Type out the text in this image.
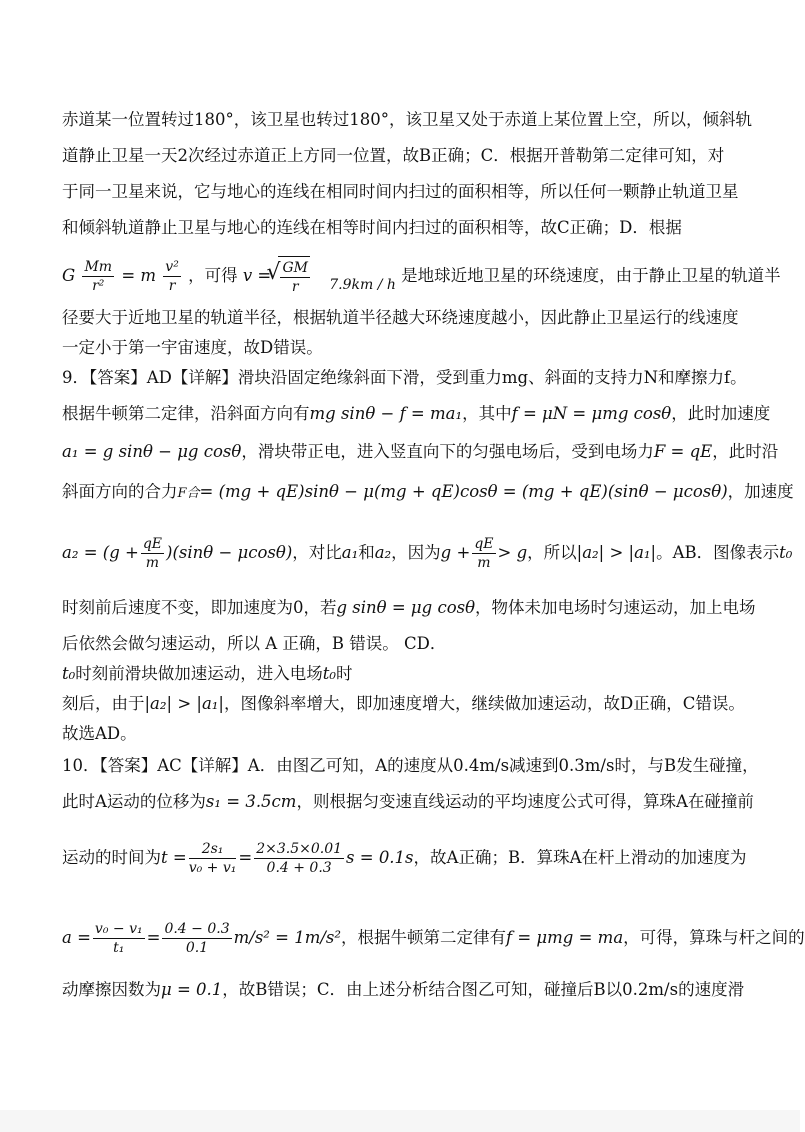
赤道某一位置转过180°，该卫星也转过180°，该卫星又处于赤道上某位置上空，所以，倾斜轨
道静止卫星一天2次经过赤道正上方同一位置，故B正确；C．根据开普勒第二定律可知，对
于同一卫星来说，它与地心的连线在相同时间内扫过的面积相等，所以任何一颗静止轨道卫星
和倾斜轨道静止卫星与地心的连线在相等时间内扫过的面积相等，故C正确；D．根据
G $\frac{Mm}{\text{r²}} = m \frac{\text{v²}}{r}$ ，可得 v =
√ $\frac{GM}{r} _{7.9km / h}$ 是地球近地卫星的环绕速度，由于静止卫星的轨道半
径要大于近地卫星的轨道半径，根据轨道半径越大环绕速度越小，因此静止卫星运行的线速度
一定小于第一宇宙速度，故D错误。
9．【答案】AD【详解】滑块沿固定绝缘斜面下滑，受到重力mg、斜面的支持力N和摩擦力f。
根据牛顿第二定律，沿斜面方向有mg sinθ − f = ma₁，其中f = μN = μmg cosθ，此时加速度
a₁ = g sinθ − μg cosθ，滑块带正电，进入竖直向下的匀强电场后，受到电场力F = qE，此时沿
斜面方向的合力F合= (mg + qE)sinθ − μ(mg + qE)cosθ = (mg + qE)(sinθ − μcosθ)，加速度
$a_2 = (g + \frac{qE}{m} )(\sin\theta - \mu\cos\theta)$，对比a₁和a₂，因为$g + \frac{qE}{m} > g$，所以|a₂| > |a₁|。AB．图像表示t₀
时刻前后速度不变，即加速度为0，若g sinθ = μg cosθ，物体未加电场时匀速运动，加上电场
后依然会做匀速运动，所以 A 正确，B 错误。 CD．
t₀时刻前滑块做加速运动，进入电场t₀时
刻后，由于|a₂| > |a₁|，图像斜率增大，即加速度增大，继续做加速运动，故D正确，C错误。
故选AD。
10．【答案】AC【详解】A．由图乙可知，A的速度从0.4m/s减速到0.3m/s时，与B发生碰撞，
此时A运动的位移为s₁ = 3.5cm，则根据匀变速直线运动的平均速度公式可得，算珠A在碰撞前
运动的时间为$t = \frac{\text{2s₁}}{\text{v₀ + v₁}} = \frac{2\times 3.5\times 0.01}{0.4 + 0.3}$ s = 0.1s，故A正确；B．算珠A在杆上滑动的加速度为
$a = \frac{\text{v₀ − v₁}}{\text{t₁}} = \frac{0.4 - 0.3}{0.1} m/s^2 = 1m/s^2$，根据牛顿第二定律有f = μmg = ma，可得，算珠与杆之间的
动摩擦因数为μ = 0.1，故B错误；C．由上述分析结合图乙可知，碰撞后B以0.2m/s的速度滑
